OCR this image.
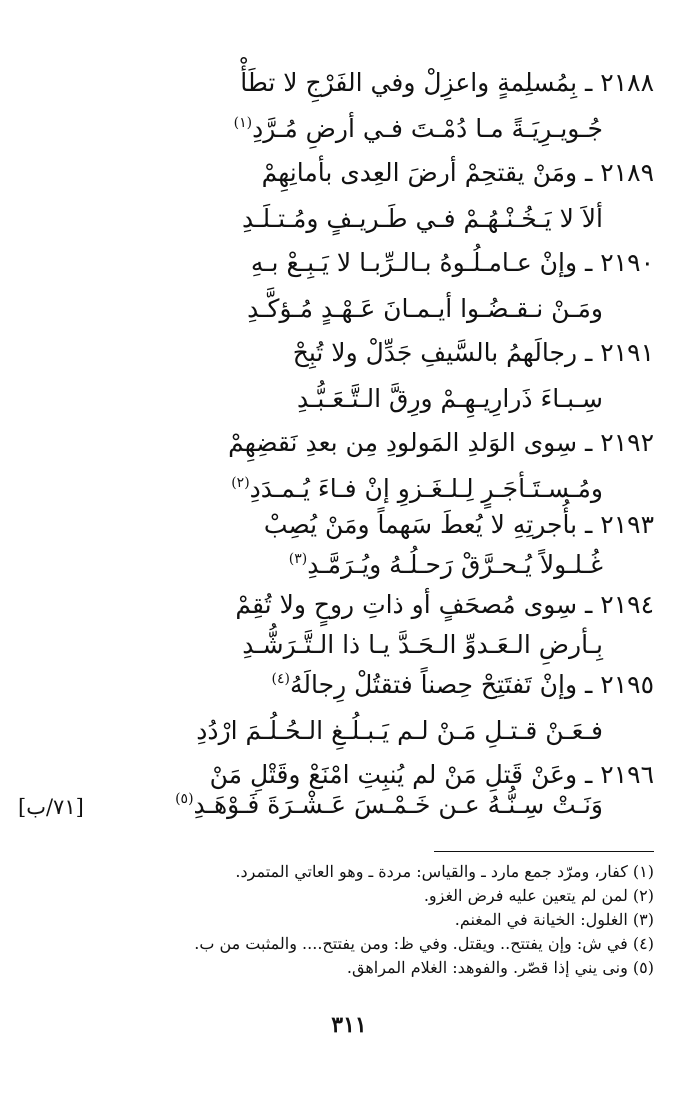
٢١٨٨ ـ بِمُسلِمةٍ واعزِلْ وفي الفَرْجِ لا تطَأْ
جُـويـرِيَـةً مـا دُمْـتَ فـي أرضِ مُـرَّدِ$^{(١)}$
٢١٨٩ ـ ومَنْ يقتحِمْ أرضَ العِدى بأمانِهِمْ
ألاَ لا يَـخُـنْـهُـمْ فـي طَـريـفٍ ومُـتـلَـدِ
٢١٩٠ ـ وإنْ عـامـلُـوهُ بـالـرِّبـا لا يَـبِـعْ بـهِ
ومَـنْ نـقـضُـوا أيـمـانَ عَـهْـدٍ مُـؤكَّـدِ
٢١٩١ ـ رجالَهمُ بالسَّيفِ جَدِّلْ ولا تُبِحْ
سِـبـاءَ ذَرارِيـهِـمْ ورِقَّ الـتَّـعَـبُّـدِ
٢١٩٢ ـ سِوى الوَلدِ المَولودِ مِن بعدِ نَقضِهِمْ
ومُـسـتَـأجَـرٍ لِـلـغَـزوِ إنْ فـاءَ يُـمـدَدِ$^{(٢)}$
٢١٩٣ ـ بأُجرتِهِ لا يُعطَ سَهماً ومَنْ يُصِبْ
غُـلـولاً يُـحـرَّقْ رَحـلُـهُ ويُـرَمَّـدِ$^{(٣)}$
٢١٩٤ ـ سِوى مُصحَفٍ أو ذاتِ روحٍ ولا تُقِمْ
بِـأرضِ الـعَـدوِّ الـحَـدَّ يـا ذا الـتَّـرَشُّـدِ
٢١٩٥ ـ وإنْ تَفتَتِحْ حِصناً فتقتُلْ رِجالَهُ$^{(٤)}$
فـعَـنْ قـتـلِ مَـنْ لـم يَـبـلُـغِ الـحُـلُـمَ ارْدُدِ
٢١٩٦ ـ وعَنْ قَتلِ مَنْ لم يُنبِتِ امْنَعْ وقَتْلِ مَنْ
وَنَـتْ سِـنُّـهُ عـن خَـمْـسَ عَـشْـرَةَ فَـوْهَـدِ$^{(٥)}$
[٧١/ب]
(١) كفار، ومرّد جمع مارد ـ والقياس: مردة ـ وهو العاتي المتمرد.
(٢) لمن لم يتعين عليه فرض الغزو.
(٣) الغلول: الخيانة في المغنم.
(٤) في ش: وإن يفتتح.. ويقتل. وفي ظ: ومن يفتتح.... والمثبت من ب.
(٥) ونى يني إذا قصّر. والفوهد: الغلام المراهق.
٣١١
